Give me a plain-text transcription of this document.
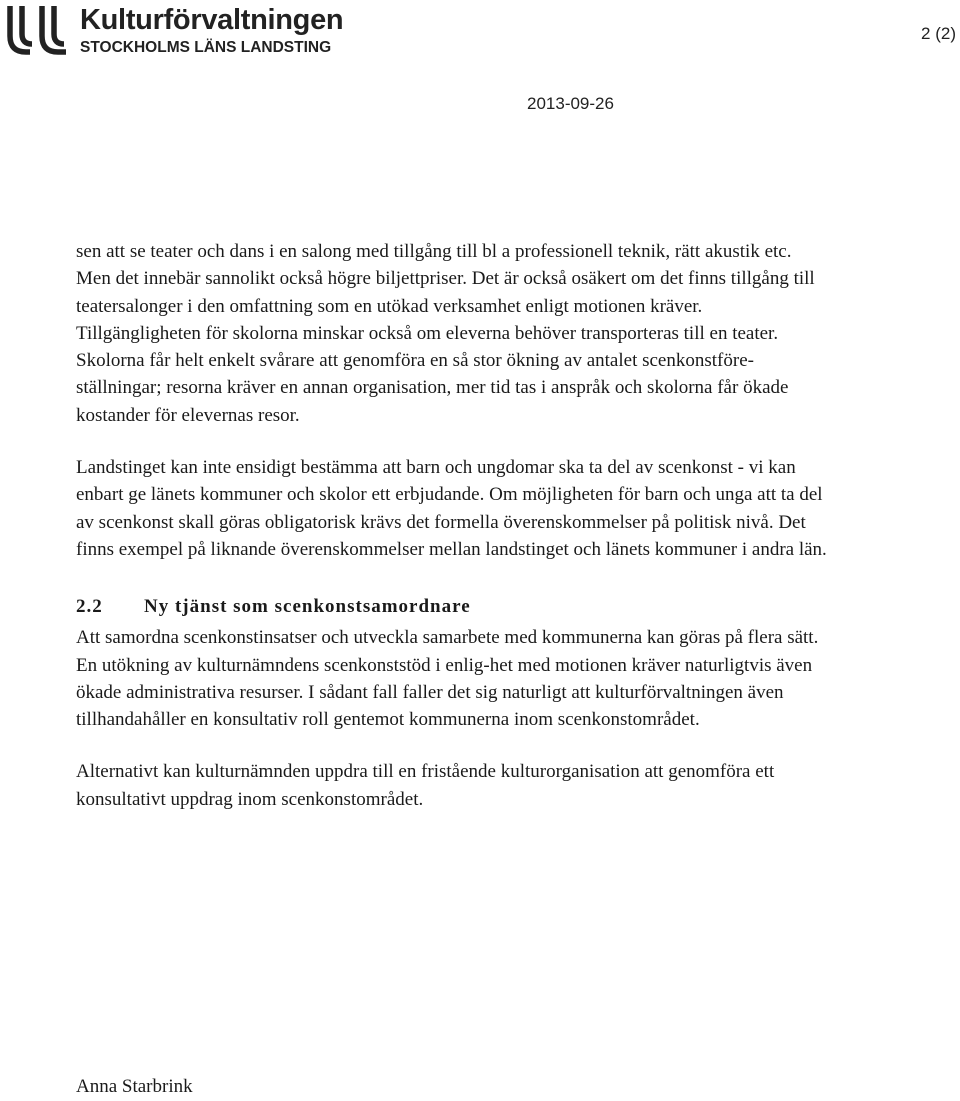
Kulturförvaltningen
STOCKHOLMS LÄNS LANDSTING
2 (2)
2013-09-26

sen att se teater och dans i en salong med tillgång till bl a professionell teknik, rätt akustik etc. Men det innebär sannolikt också högre biljettpriser. Det är också osäkert om det finns tillgång till teatersalonger i den omfattning som en utökad verksamhet enligt motionen kräver. Tillgängligheten för skolorna minskar också om eleverna behöver transporteras till en teater. Skolorna får helt enkelt svårare att genomföra en så stor ökning av antalet scenkonstföre-ställningar; resorna kräver en annan organisation, mer tid tas i anspråk och skolorna får ökade kostander för elevernas resor.

Landstinget kan inte ensidigt bestämma att barn och ungdomar ska ta del av scenkonst - vi kan enbart ge länets kommuner och skolor ett erbjudande. Om möjligheten för barn och unga att ta del av scenkonst skall göras obligatorisk krävs det formella överenskommelser på politisk nivå. Det finns exempel på liknande överenskommelser mellan landstinget och länets kommuner i andra län.

2.2	Ny tjänst som scenkonstsamordnare

Att samordna scenkonstinsatser och utveckla samarbete med kommunerna kan göras på flera sätt. En utökning av kulturnämndens scenkonststöd i enlig-het med motionen kräver naturligtvis även ökade administrativa resurser. I sådant fall faller det sig naturligt att kulturförvaltningen även tillhandahåller en konsultativ roll gentemot kommunerna inom scenkonstområdet.

Alternativt kan kulturnämnden uppdra till en fristående kulturorganisation att genomföra ett konsultativt uppdrag inom scenkonstområdet.

Anna Starbrink
